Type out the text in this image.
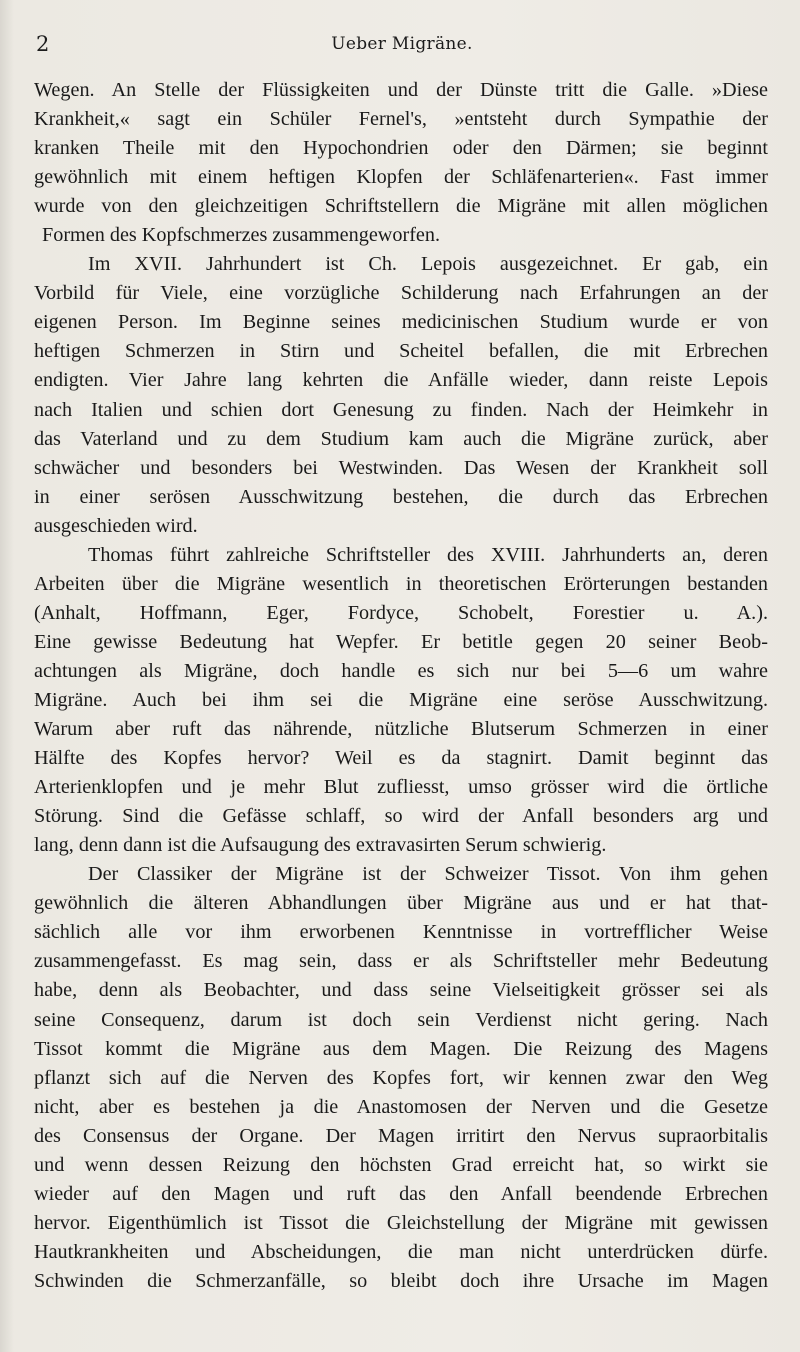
2	Ueber Migräne.

Wegen. An Stelle der Flüssigkeiten und der Dünste tritt die Galle. »Diese
Krankheit,« sagt ein Schüler Fernel's, »entsteht durch Sympathie der
kranken Theile mit den Hypochondrien oder den Därmen; sie beginnt
gewöhnlich mit einem heftigen Klopfen der Schläfenarterien«. Fast immer
wurde von den gleichzeitigen Schriftstellern die Migräne mit allen möglichen
Formen des Kopfschmerzes zusammengeworfen.

Im XVII. Jahrhundert ist Ch. Lepois ausgezeichnet. Er gab, ein
Vorbild für Viele, eine vorzügliche Schilderung nach Erfahrungen an der
eigenen Person. Im Beginne seines medicinischen Studium wurde er von
heftigen Schmerzen in Stirn und Scheitel befallen, die mit Erbrechen
endigten. Vier Jahre lang kehrten die Anfälle wieder, dann reiste Lepois
nach Italien und schien dort Genesung zu finden. Nach der Heimkehr in
das Vaterland und zu dem Studium kam auch die Migräne zurück, aber
schwächer und besonders bei Westwinden. Das Wesen der Krankheit soll
in einer serösen Ausschwitzung bestehen, die durch das Erbrechen
ausgeschieden wird.

Thomas führt zahlreiche Schriftsteller des XVIII. Jahrhunderts an, deren
Arbeiten über die Migräne wesentlich in theoretischen Erörterungen bestanden
(Anhalt, Hoffmann, Eger, Fordyce, Schobelt, Forestier u. A.).
Eine gewisse Bedeutung hat Wepfer. Er betitle gegen 20 seiner Beob-
achtungen als Migräne, doch handle es sich nur bei 5—6 um wahre
Migräne. Auch bei ihm sei die Migräne eine seröse Ausschwitzung.
Warum aber ruft das nährende, nützliche Blutserum Schmerzen in einer
Hälfte des Kopfes hervor? Weil es da stagnirt. Damit beginnt das
Arterienklopfen und je mehr Blut zufliesst, umso grösser wird die örtliche
Störung. Sind die Gefässe schlaff, so wird der Anfall besonders arg und
lang, denn dann ist die Aufsaugung des extravasirten Serum schwierig.

Der Classiker der Migräne ist der Schweizer Tissot. Von ihm gehen
gewöhnlich die älteren Abhandlungen über Migräne aus und er hat that-
sächlich alle vor ihm erworbenen Kenntnisse in vortrefflicher Weise
zusammengefasst. Es mag sein, dass er als Schriftsteller mehr Bedeutung
habe, denn als Beobachter, und dass seine Vielseitigkeit grösser sei als
seine Consequenz, darum ist doch sein Verdienst nicht gering. Nach
Tissot kommt die Migräne aus dem Magen. Die Reizung des Magens
pflanzt sich auf die Nerven des Kopfes fort, wir kennen zwar den Weg
nicht, aber es bestehen ja die Anastomosen der Nerven und die Gesetze
des Consensus der Organe. Der Magen irritirt den Nervus supraorbitalis
und wenn dessen Reizung den höchsten Grad erreicht hat, so wirkt sie
wieder auf den Magen und ruft das den Anfall beendende Erbrechen
hervor. Eigenthümlich ist Tissot die Gleichstellung der Migräne mit gewissen
Hautkrankheiten und Abscheidungen, die man nicht unterdrücken dürfe.
Schwinden die Schmerzanfälle, so bleibt doch ihre Ursache im Magen
